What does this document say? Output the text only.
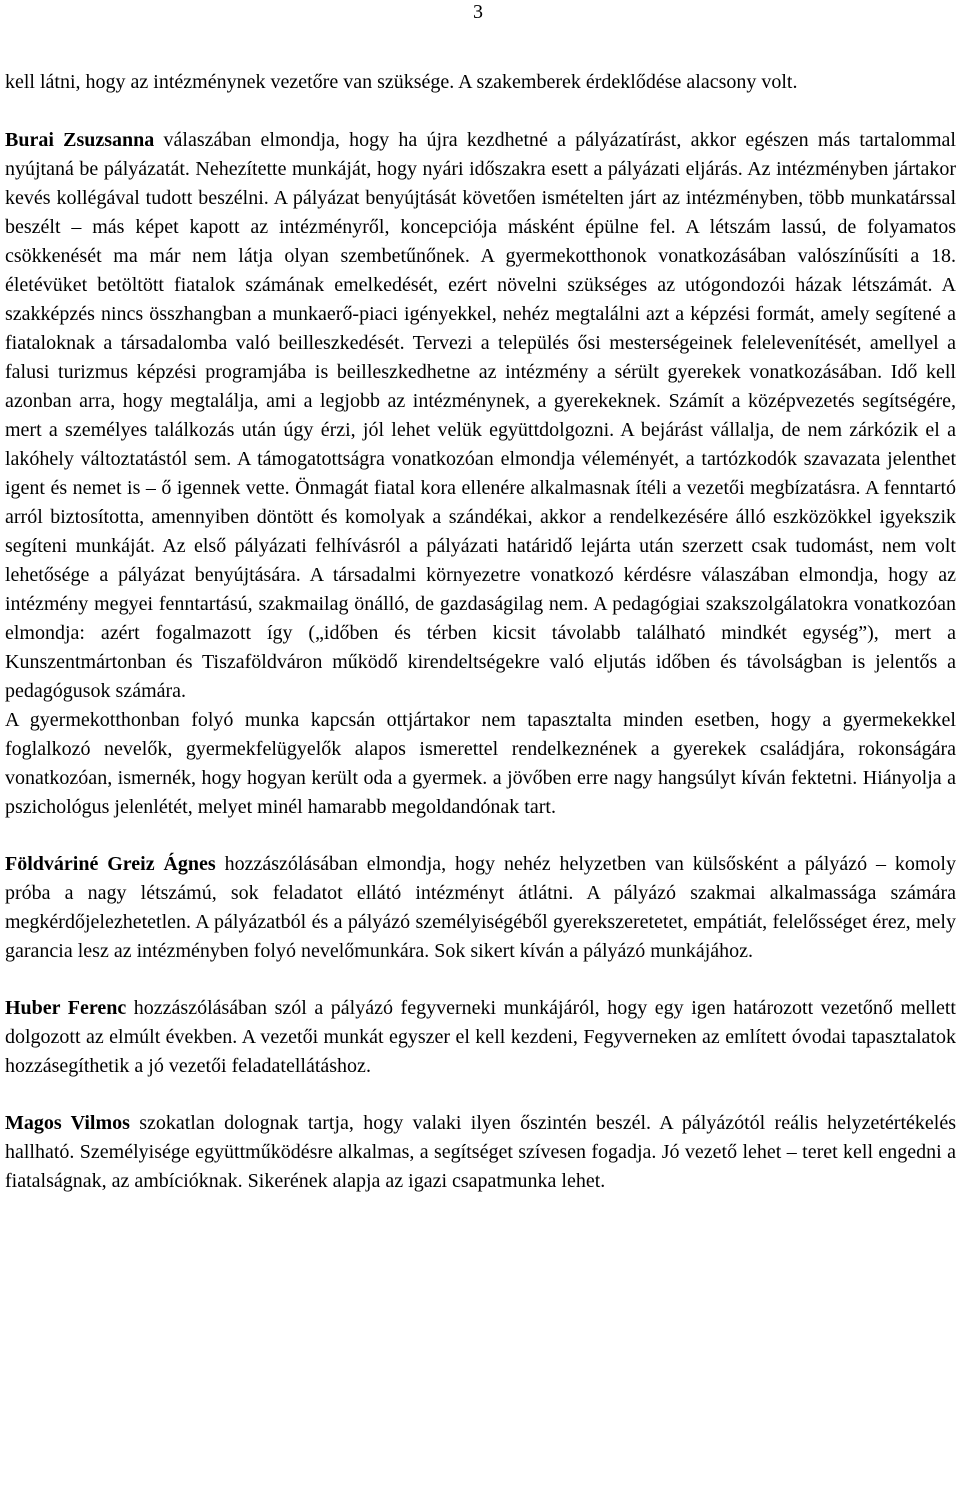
3

kell látni, hogy az intézménynek vezetőre van szüksége. A szakemberek érdeklődése alacsony volt.

Burai Zsuzsanna válaszában elmondja, hogy ha újra kezdhetné a pályázatírást, akkor egészen más tartalommal nyújtaná be pályázatát. Nehezítette munkáját, hogy nyári időszakra esett a pályázati eljárás. Az intézményben jártakor kevés kollégával tudott beszélni. A pályázat benyújtását követően ismételten járt az intézményben, több munkatárssal beszélt – más képet kapott az intézményről, koncepciója másként épülne fel. A létszám lassú, de folyamatos csökkenését ma már nem látja olyan szembetűnőnek. A gyermekotthonok vonatkozásában valószínűsíti a 18. életévüket betöltött fiatalok számának emelkedését, ezért növelni szükséges az utógondozói házak létszámát. A szakképzés nincs összhangban a munkaerő-piaci igényekkel, nehéz megtalálni azt a képzési formát, amely segítené a fiataloknak a társadalomba való beilleszkedését. Tervezi a település ősi mesterségeinek felelevenítését, amellyel a falusi turizmus képzési programjába is beilleszkedhetne az intézmény a sérült gyerekek vonatkozásában. Idő kell azonban arra, hogy megtalálja, ami a legjobb az intézménynek, a gyerekeknek. Számít a középvezetés segítségére, mert a személyes találkozás után úgy érzi, jól lehet velük együttdolgozni. A bejárást vállalja, de nem zárkózik el a lakóhely változtatástól sem. A támogatottságra vonatkozóan elmondja véleményét, a tartózkodók szavazata jelenthet igent és nemet is – ő igennek vette. Önmagát fiatal kora ellenére alkalmasnak ítéli a vezetői megbízatásra. A fenntartó arról biztosította, amennyiben döntött és komolyak a szándékai, akkor a rendelkezésére álló eszközökkel igyekszik segíteni munkáját. Az első pályázati felhívásról a pályázati határidő lejárta után szerzett csak tudomást, nem volt lehetősége a pályázat benyújtására. A társadalmi környezetre vonatkozó kérdésre válaszában elmondja, hogy az intézmény megyei fenntartású, szakmailag önálló, de gazdaságilag nem. A pedagógiai szakszolgálatokra vonatkozóan elmondja: azért fogalmazott így („időben és térben kicsit távolabb található mindkét egység”), mert a Kunszentmártonban és Tiszaföldváron működő kirendeltségekre való eljutás időben és távolságban is jelentős a pedagógusok számára.

A gyermekotthonban folyó munka kapcsán ottjártakor nem tapasztalta minden esetben, hogy a gyermekekkel foglalkozó nevelők, gyermekfelügyelők alapos ismerettel rendelkeznének a gyerekek családjára, rokonságára vonatkozóan, ismernék, hogy hogyan került oda a gyermek. a jövőben erre nagy hangsúlyt kíván fektetni. Hiányolja a pszichológus jelenlétét, melyet minél hamarabb megoldandónak tart.

Földváriné Greiz Ágnes hozzászólásában elmondja, hogy nehéz helyzetben van külsősként a pályázó – komoly próba a nagy létszámú, sok feladatot ellátó intézményt átlátni. A pályázó szakmai alkalmassága számára megkérdőjelezhetetlen. A pályázatból és a pályázó személyiségéből gyerekszeretetet, empátiát, felelősséget érez, mely garancia lesz az intézményben folyó nevelőmunkára. Sok sikert kíván a pályázó munkájához.

Huber Ferenc hozzászólásában szól a pályázó fegyverneki munkájáról, hogy egy igen határozott vezetőnő mellett dolgozott az elmúlt években. A vezetői munkát egyszer el kell kezdeni, Fegyverneken az említett óvodai tapasztalatok hozzásegíthetik a jó vezetői feladatellátáshoz.

Magos Vilmos szokatlan dolognak tartja, hogy valaki ilyen őszintén beszél. A pályázótól reális helyzetértékelés hallható. Személyisége együttműködésre alkalmas, a segítséget szívesen fogadja. Jó vezető lehet – teret kell engedni a fiatalságnak, az ambícióknak. Sikerének alapja az igazi csapatmunka lehet.
